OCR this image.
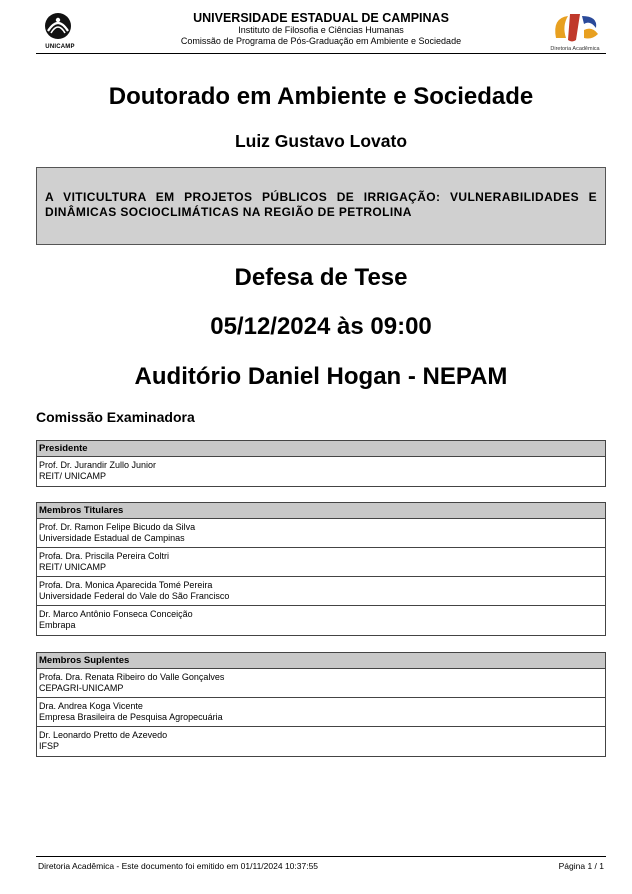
UNICAMP
UNIVERSIDADE ESTADUAL DE CAMPINAS
Instituto de Filosofia e Ciências Humanas
Comissão de Programa de Pós-Graduação em Ambiente e Sociedade
Diretoria Acadêmica
Doutorado em Ambiente e Sociedade
Luiz Gustavo Lovato

A VITICULTURA EM PROJETOS PÚBLICOS DE IRRIGAÇÃO: VULNERABILIDADES E DINÂMICAS SOCIOCLIMÁTICAS NA REGIÃO DE PETROLINA

Defesa de Tese
05/12/2024 às 09:00
Auditório Daniel Hogan - NEPAM
Comissão Examinadora
Presidente
Prof. Dr. Jurandir Zullo Junior
REIT/ UNICAMP
Membros Titulares
Prof. Dr. Ramon Felipe Bicudo da Silva
Universidade Estadual de Campinas
Profa. Dra. Priscila Pereira Coltri
REIT/ UNICAMP
Profa. Dra. Monica Aparecida Tomé Pereira
Universidade Federal do Vale do São Francisco
Dr. Marco Antônio Fonseca Conceição
Embrapa
Membros Suplentes
Profa. Dra. Renata Ribeiro do Valle Gonçalves
CEPAGRI-UNICAMP
Dra. Andrea Koga Vicente
Empresa Brasileira de Pesquisa Agropecuária
Dr. Leonardo Pretto de Azevedo
IFSP
Diretoria Acadêmica - Este documento foi emitido em 01/11/2024 10:37:55	Página 1 / 1
